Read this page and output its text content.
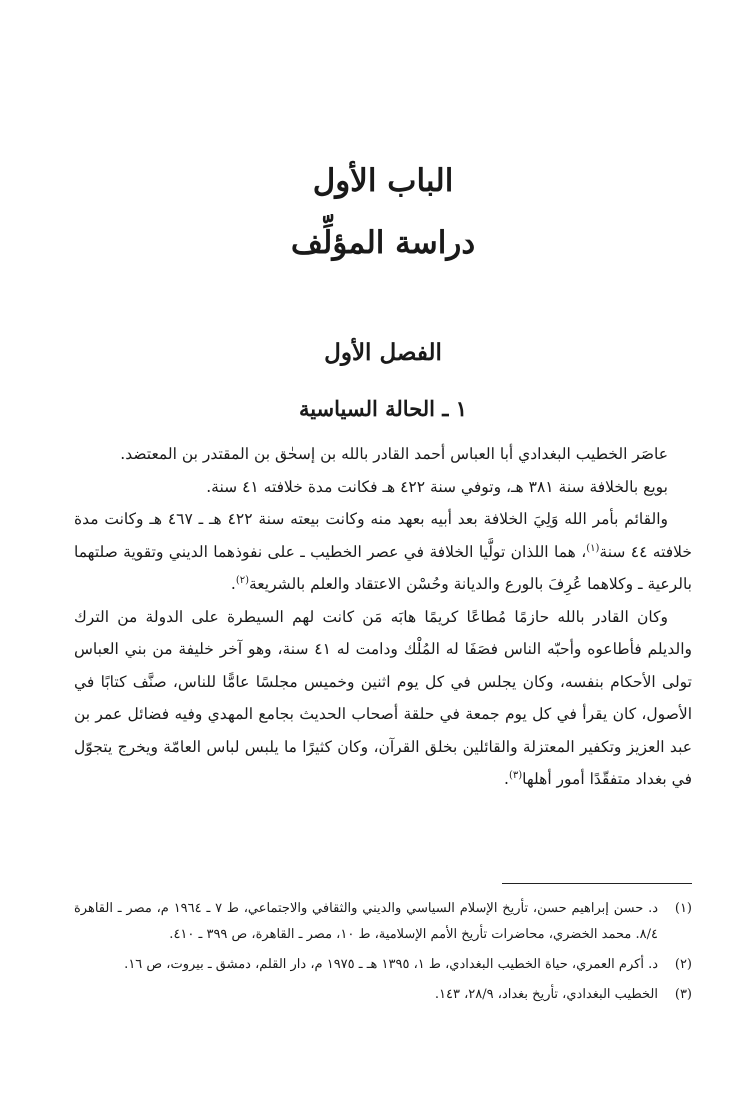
الباب الأول
دراسة المؤلِّف
الفصل الأول
١ ـ الحالة السياسية

عاصَر الخطيب البغدادي أبا العباس أحمد القادر بالله بن إسحٰق بن المقتدر بن المعتضد.

بويع بالخلافة سنة ٣٨١ هـ، وتوفي سنة ٤٢٢ هـ فكانت مدة خلافته ٤١ سنة.

والقائم بأمر الله وَلِيَ الخلافة بعد أبيه بعهد منه وكانت بيعته سنة ٤٢٢ هـ ـ ٤٦٧ هـ وكانت مدة خلافته ٤٤ سنة$^{(١)}$، هما اللذان تولَّيا الخلافة في عصر الخطيب ـ على نفوذهما الديني وتقوية صلتهما بالرعية ـ وكلاهما عُرِفَ بالورع والديانة وحُسْن الاعتقاد والعلم بالشريعة$^{(٢)}$.

وكان القادر بالله حازمًا مُطاعًا كريمًا هابَه مَن كانت لهم السيطرة على الدولة من الترك والديلم فأطاعوه وأحبّه الناس فصَفَا له المُلْك ودامت له ٤١ سنة، وهو آخر خليفة من بني العباس تولى الأحكام بنفسه، وكان يجلس في كل يوم اثنين وخميس مجلسًا عامًّا للناس، صنَّف كتابًا في الأصول، كان يقرأ في كل يوم جمعة في حلقة أصحاب الحديث بجامع المهدي وفيه فضائل عمر بن عبد العزيز وتكفير المعتزلة والقائلين بخلق القرآن، وكان كثيرًا ما يلبس لباس العامّة ويخرج يتجوّل في بغداد متفقّدًا أمور أهلها$^{(٣)}$.

(١)
د. حسن إبراهيم حسن، تأريخ الإسلام السياسي والديني والثقافي والاجتماعي، ط ٧ ـ ١٩٦٤ م، مصر ـ القاهرة ٨/٤. محمد الخضري، محاضرات تأريخ الأمم الإسلامية، ط ١٠، مصر ـ القاهرة، ص ٣٩٩ ـ ٤١٠.
(٢)
د. أكرم العمري، حياة الخطيب البغدادي، ط ١، ١٣٩٥ هـ ـ ١٩٧٥ م، دار القلم، دمشق ـ بيروت، ص ١٦.
(٣)
الخطيب البغدادي، تأريخ بغداد، ٢٨/٩، ١٤٣.
